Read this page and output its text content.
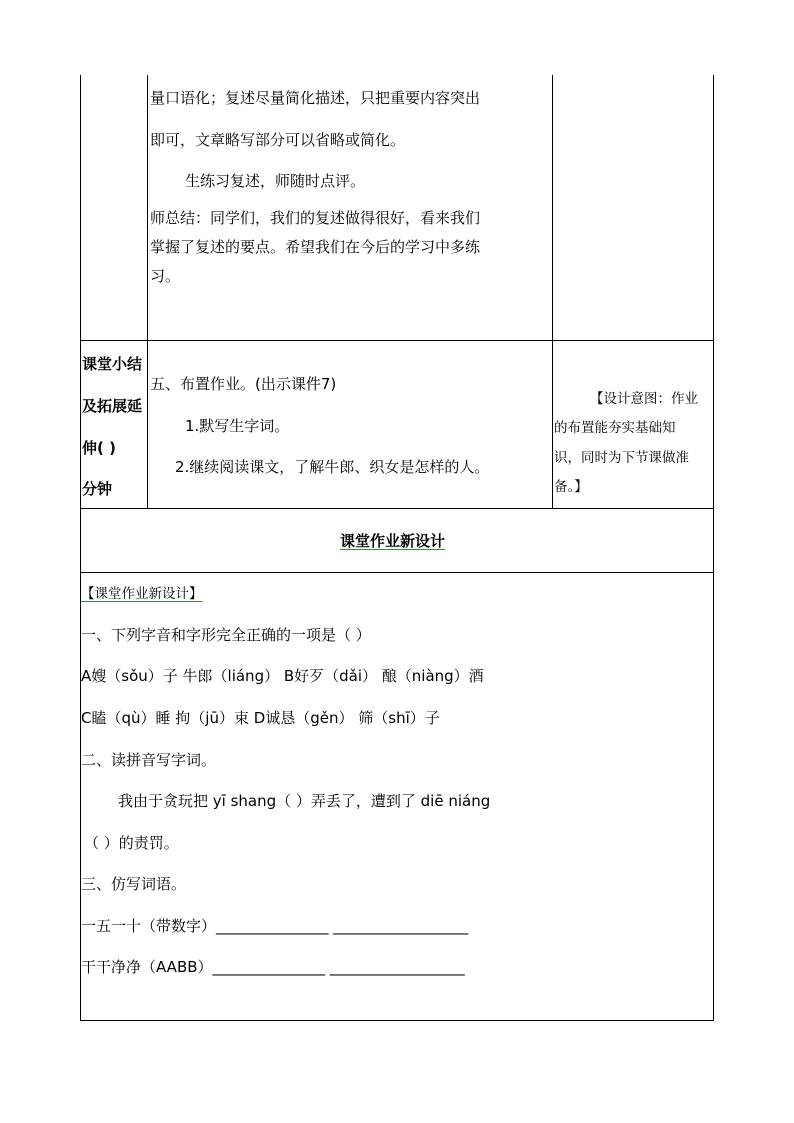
量口语化；复述尽量简化描述，只把重要内容突出
即可，文章略写部分可以省略或简化。
生练习复述，师随时点评。
师总结：同学们，我们的复述做得很好，看来我们
掌握了复述的要点。希望我们在今后的学习中多练
习。
课堂小结
及拓展延
伸( )
分钟
五、布置作业。(出示课件7)
1.默写生字词。
2.继续阅读课文，了解牛郎、织女是怎样的人。
【设计意图：作业
的布置能夯实基础知
识，同时为下节课做准
备。】
课堂作业新设计
【课堂作业新设计】
一、下列字音和字形完全正确的一项是（ ）
A嫂（sǒu）子 牛郎（liáng） B好歹（dǎi） 酿（niàng）酒
C瞌（qù）睡 拘（jū）束 D诚恳（gěn） 筛（shī）子
二、读拼音写字词。
我由于贪玩把 yī shang（ ）弄丢了，遭到了 diē niáng
（ ）的责罚。
三、仿写词语。
一五一十（带数字）_______________ __________________
干干净净（AABB）_______________ __________________
